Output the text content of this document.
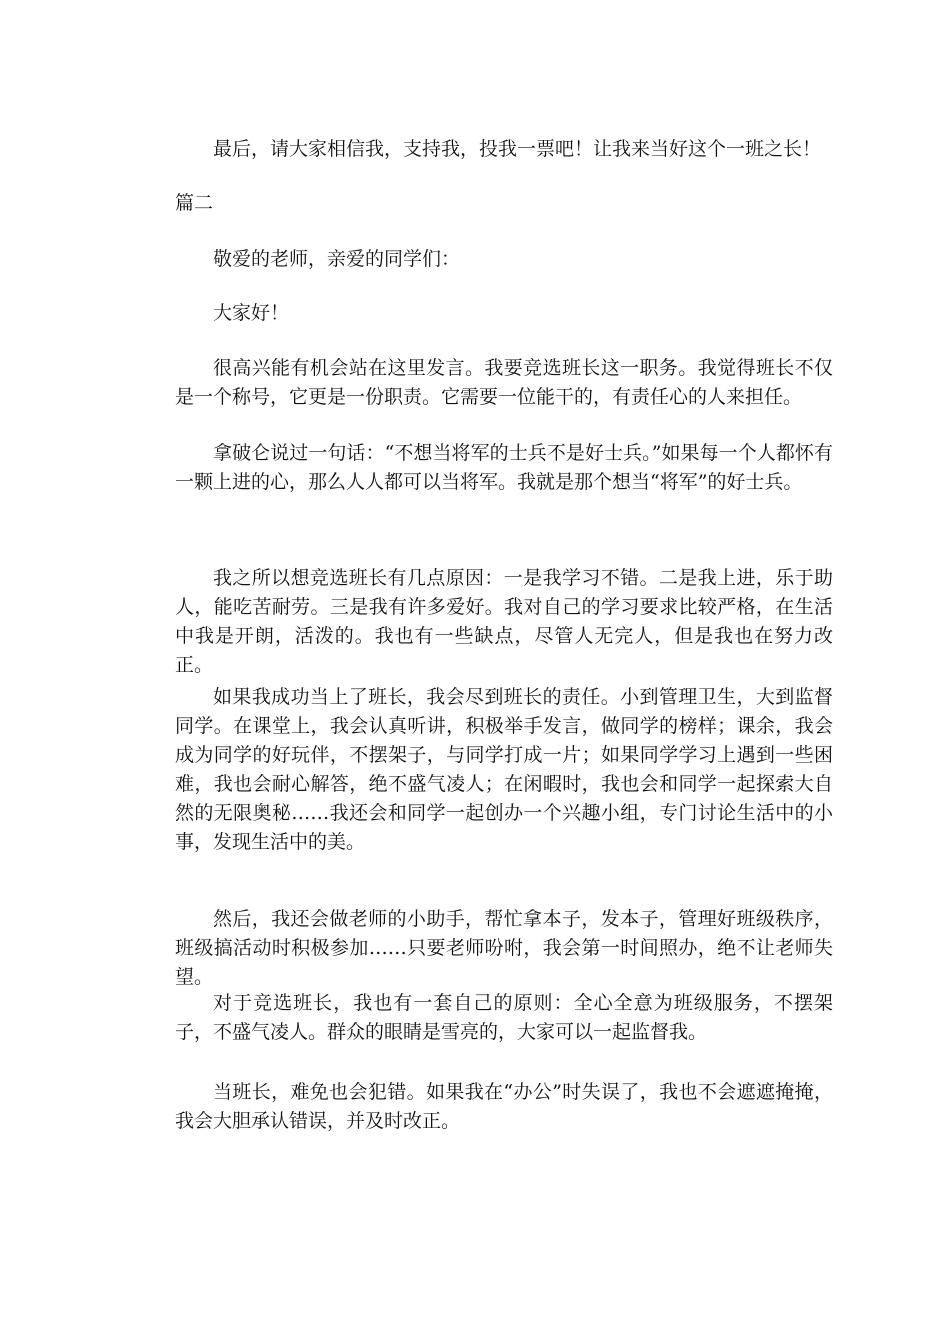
最后，请大家相信我，支持我，投我一票吧！让我来当好这个一班之长！

篇二

敬爱的老师，亲爱的同学们：

大家好！

很高兴能有机会站在这里发言。我要竞选班长这一职务。我觉得班长不仅是一个称号，它更是一份职责。它需要一位能干的，有责任心的人来担任。

拿破仑说过一句话：“不想当将军的士兵不是好士兵。”如果每一个人都怀有一颗上进的心，那么人人都可以当将军。我就是那个想当“将军”的好士兵。

我之所以想竞选班长有几点原因：一是我学习不错。二是我上进，乐于助人，能吃苦耐劳。三是我有许多爱好。我对自己的学习要求比较严格，在生活中我是开朗，活泼的。我也有一些缺点，尽管人无完人，但是我也在努力改正。

如果我成功当上了班长，我会尽到班长的责任。小到管理卫生，大到监督同学。在课堂上，我会认真听讲，积极举手发言，做同学的榜样；课余，我会成为同学的好玩伴，不摆架子，与同学打成一片；如果同学学习上遇到一些困难，我也会耐心解答，绝不盛气凌人；在闲暇时，我也会和同学一起探索大自然的无限奥秘……我还会和同学一起创办一个兴趣小组，专门讨论生活中的小事，发现生活中的美。

然后，我还会做老师的小助手，帮忙拿本子，发本子，管理好班级秩序，班级搞活动时积极参加……只要老师吩咐，我会第一时间照办，绝不让老师失望。

对于竞选班长，我也有一套自己的原则：全心全意为班级服务，不摆架子，不盛气凌人。群众的眼睛是雪亮的，大家可以一起监督我。

当班长，难免也会犯错。如果我在“办公”时失误了，我也不会遮遮掩掩，我会大胆承认错误，并及时改正。
